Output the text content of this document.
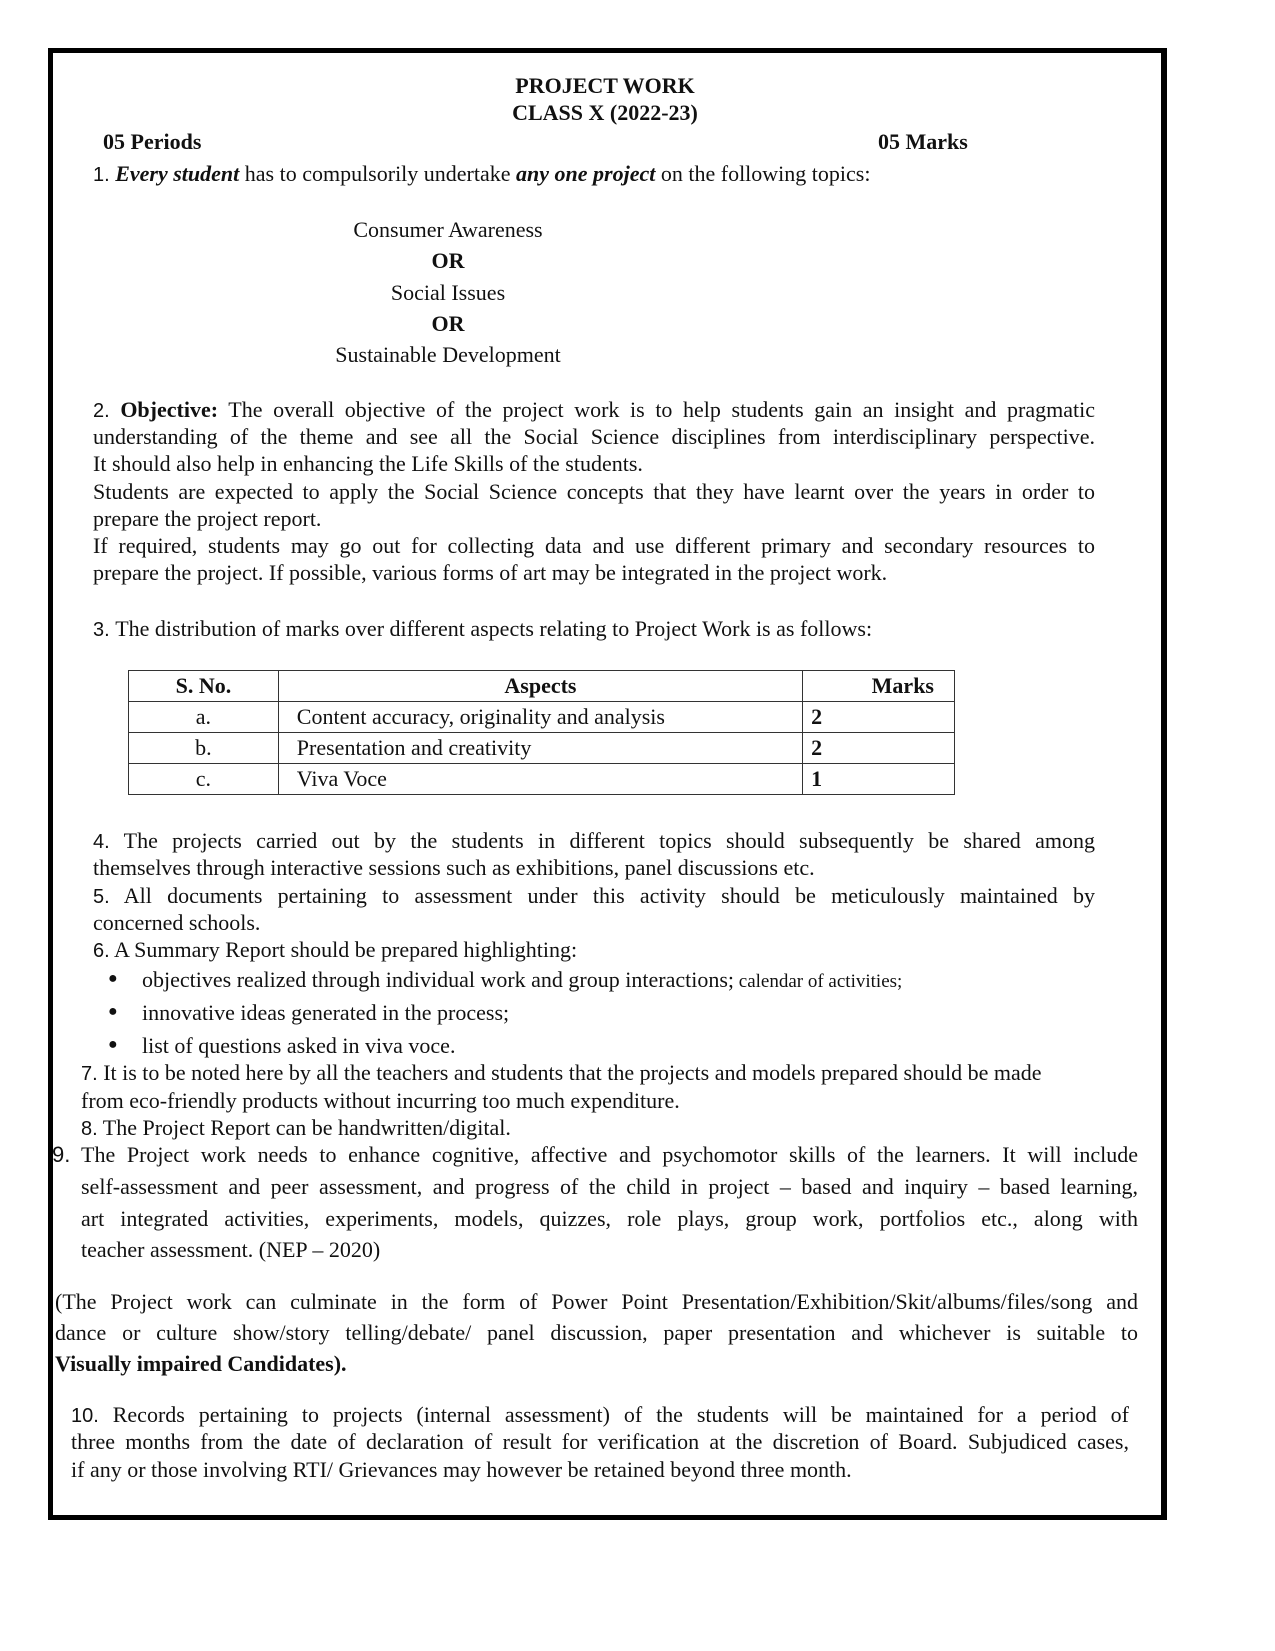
PROJECT WORK
CLASS X (2022-23)
05 Periods	05 Marks
1. Every student has to compulsorily undertake any one project on the following topics:
Consumer Awareness
OR
Social Issues
OR
Sustainable Development
2. Objective: The overall objective of the project work is to help students gain an insight and pragmatic
understanding of the theme and see all the Social Science disciplines from interdisciplinary perspective.
It should also help in enhancing the Life Skills of the students.
Students are expected to apply the Social Science concepts that they have learnt over the years in order to
prepare the project report.
If required, students may go out for collecting data and use different primary and secondary resources to
prepare the project. If possible, various forms of art may be integrated in the project work.
3. The distribution of marks over different aspects relating to Project Work is as follows:
S. No.	Aspects	Marks
a.	Content accuracy, originality and analysis	2
b.	Presentation and creativity	2
c.	Viva Voce	1
4. The projects carried out by the students in different topics should subsequently be shared among
themselves through interactive sessions such as exhibitions, panel discussions etc.
5. All documents pertaining to assessment under this activity should be meticulously maintained by
concerned schools.
6. A Summary Report should be prepared highlighting:
● objectives realized through individual work and group interactions; calendar of activities;
● innovative ideas generated in the process;
● list of questions asked in viva voce.
7. It is to be noted here by all the teachers and students that the projects and models prepared should be made
from eco-friendly products without incurring too much expenditure.
8. The Project Report can be handwritten/digital.
9. The Project work needs to enhance cognitive, affective and psychomotor skills of the learners. It will include
self-assessment and peer assessment, and progress of the child in project – based and inquiry – based learning,
art integrated activities, experiments, models, quizzes, role plays, group work, portfolios etc., along with
teacher assessment. (NEP – 2020)
(The Project work can culminate in the form of Power Point Presentation/Exhibition/Skit/albums/files/song and
dance or culture show/story telling/debate/ panel discussion, paper presentation and whichever is suitable to
Visually impaired Candidates).
10. Records pertaining to projects (internal assessment) of the students will be maintained for a period of
three months from the date of declaration of result for verification at the discretion of Board. Subjudiced cases,
if any or those involving RTI/ Grievances may however be retained beyond three month.
